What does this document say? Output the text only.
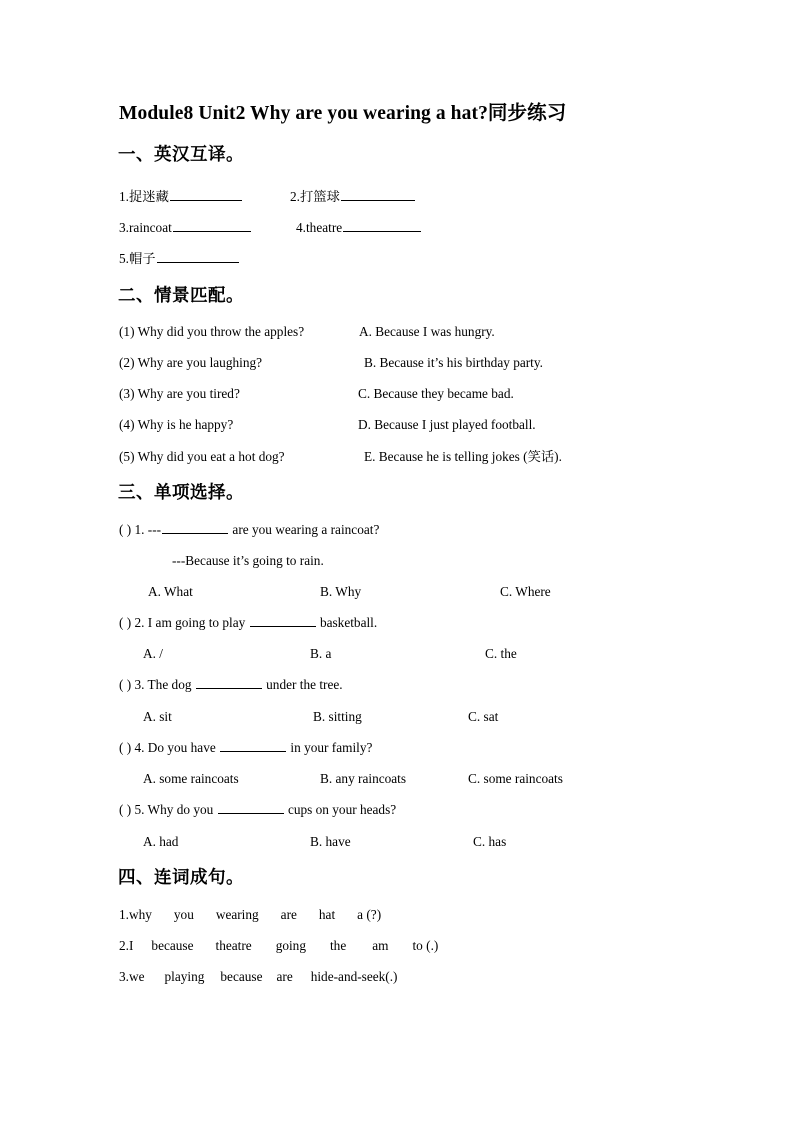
Module8 Unit2 Why are you wearing a hat?同步练习
一、英汉互译。
1.捉迷藏	2.打篮球
3.raincoat	4.theatre
5.帽子
二、情景匹配。
(1) Why did you throw the apples?	A. Because I was hungry.
(2) Why are you laughing?	B. Because it’s his birthday party.
(3) Why are you tired?	C. Because they became bad.
(4) Why is he happy?	D. Because I just played football.
(5) Why did you eat a hot dog?	E. Because he is telling jokes (笑话).
三、单项选择。
( ) 1. ---	are you wearing a raincoat?
---Because it’s going to rain.
A. What	B. Why	C. Where
( ) 2. I am going to play	basketball.
A. /	B. a	C. the
( ) 3. The dog	under the tree.
A. sit	B. sitting	C. sat
( ) 4. Do you have	in your family?
A. some raincoats	B. any raincoats	C. some raincoats
( ) 5. Why do you	cups on your heads?
A. had	B. have	C. has
四、连词成句。
1.why you wearing are hat a (?)
2.I because theatre going the am to (.)
3.we playing because are hide-and-seek(.)
